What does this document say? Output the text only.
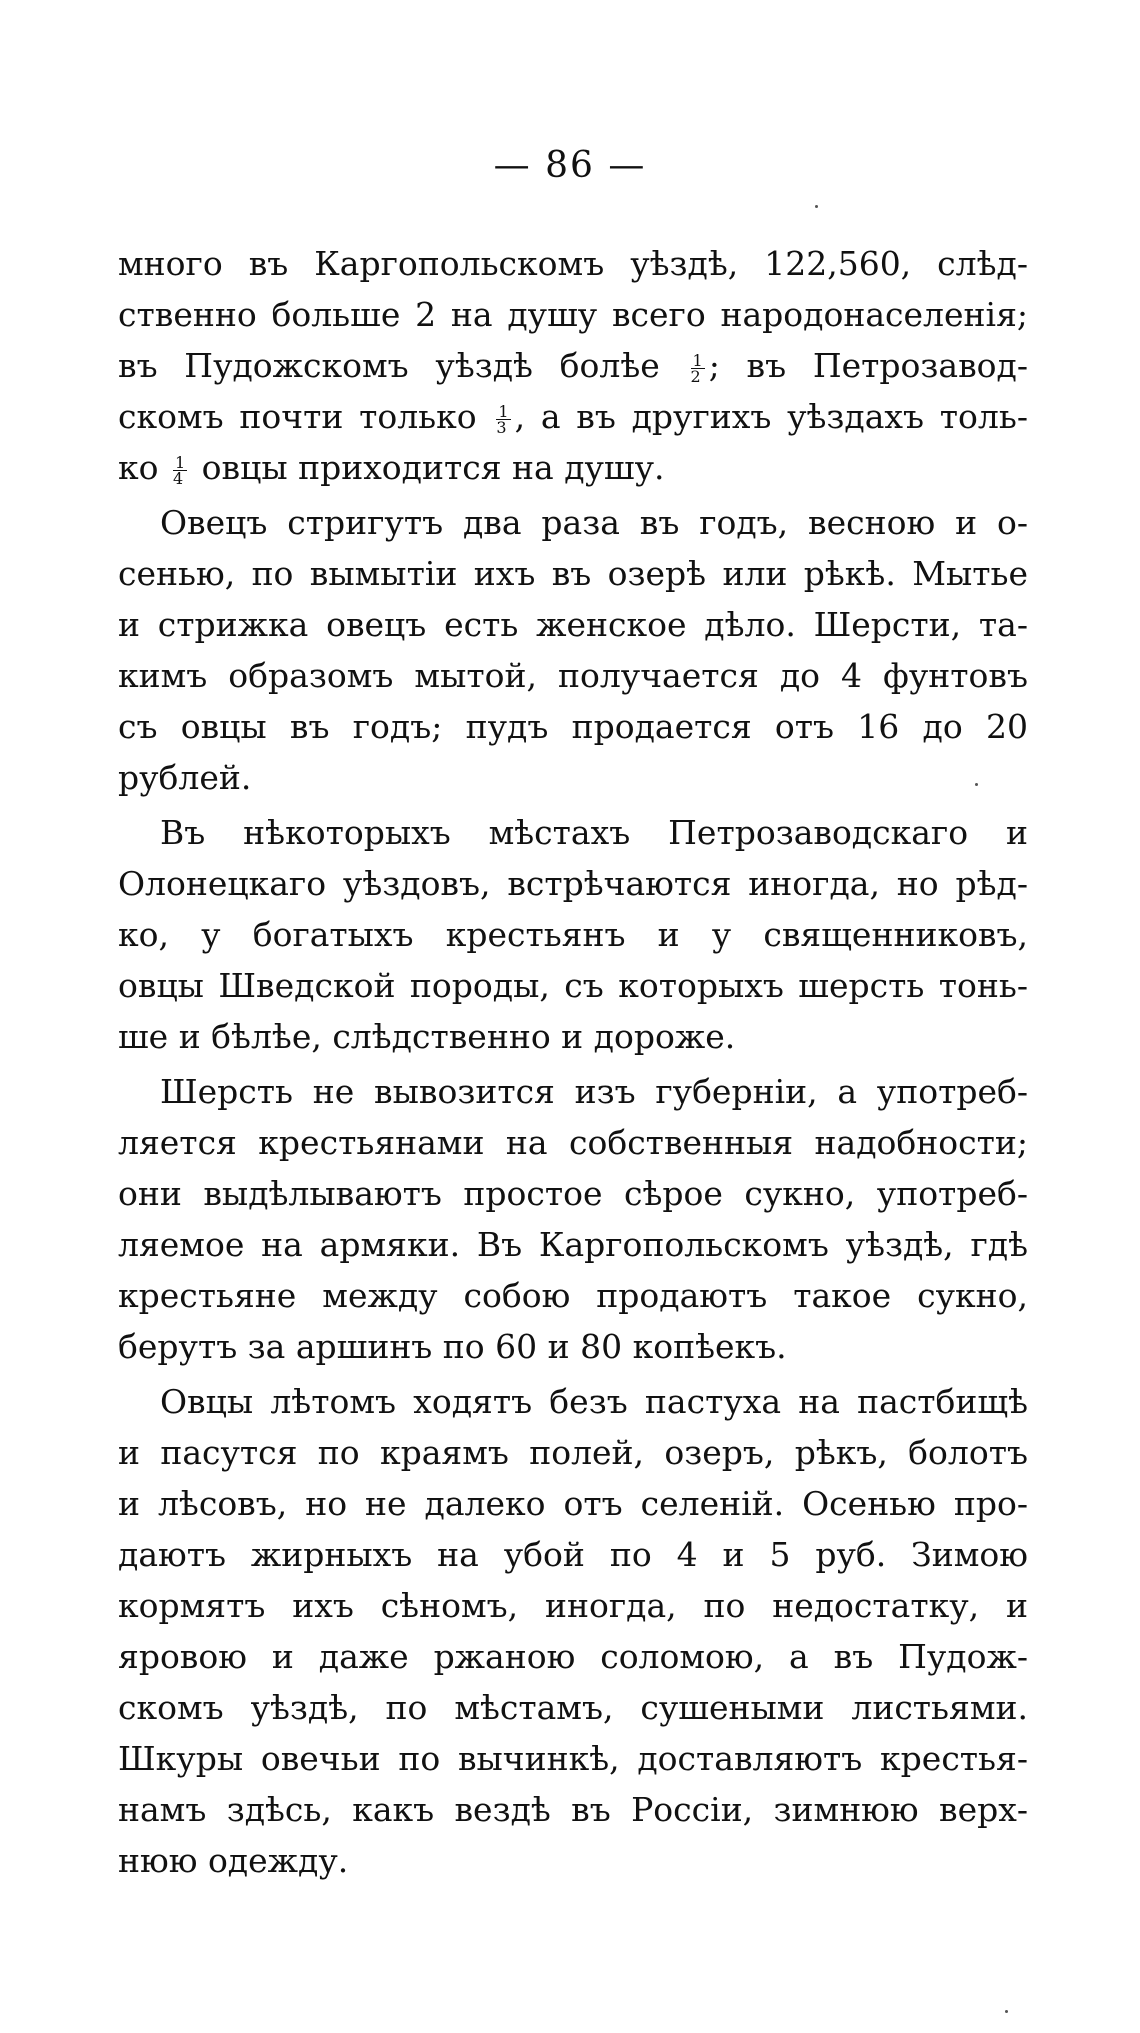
— 86 —
много въ Каргопольскомъ уѣздѣ, 122,560, слѣд-
ственно больше 2 на душу всего народонаселенія;
въ Пудожскомъ уѣздѣ болѣе $\frac{1}{2}$ ; въ Петрозавод-
скомъ почти только $\frac{1}{3}$ , а въ другихъ уѣздахъ толь-
ко $\frac{1}{4}$ овцы приходится на душу.
Овецъ стригутъ два раза въ годъ, весною и о-
сенью, по вымытіи ихъ въ озерѣ или рѣкѣ. Мытье
и стрижка овецъ есть женское дѣло. Шерсти, та-
кимъ образомъ мытой, получается до 4 фунтовъ
съ овцы въ годъ; пудъ продается отъ 16 до 20
рублей.
Въ нѣкоторыхъ мѣстахъ Петрозаводскаго и
Олонецкаго уѣздовъ, встрѣчаются иногда, но рѣд-
ко, у богатыхъ крестьянъ и у священниковъ,
овцы Шведской породы, съ которыхъ шерсть тонь-
ше и бѣлѣе, слѣдственно и дороже.
Шерсть не вывозится изъ губерніи, а употреб-
ляется крестьянами на собственныя надобности;
они выдѣлываютъ простое сѣрое сукно, употреб-
ляемое на армяки. Въ Каргопольскомъ уѣздѣ, гдѣ
крестьяне между собою продаютъ такое сукно,
берутъ за аршинъ по 60 и 80 копѣекъ.
Овцы лѣтомъ ходятъ безъ пастуха на пастбищѣ
и пасутся по краямъ полей, озеръ, рѣкъ, болотъ
и лѣсовъ, но не далеко отъ селеній. Осенью про-
даютъ жирныхъ на убой по 4 и 5 руб. Зимою
кормятъ ихъ сѣномъ, иногда, по недостатку, и
яровою и даже ржаною соломою, а въ Пудож-
скомъ уѣздѣ, по мѣстамъ, сушеными листьями.
Шкуры овечьи по вычинкѣ, доставляютъ крестья-
намъ здѣсь, какъ вездѣ въ Россіи, зимнюю верх-
нюю одежду.
